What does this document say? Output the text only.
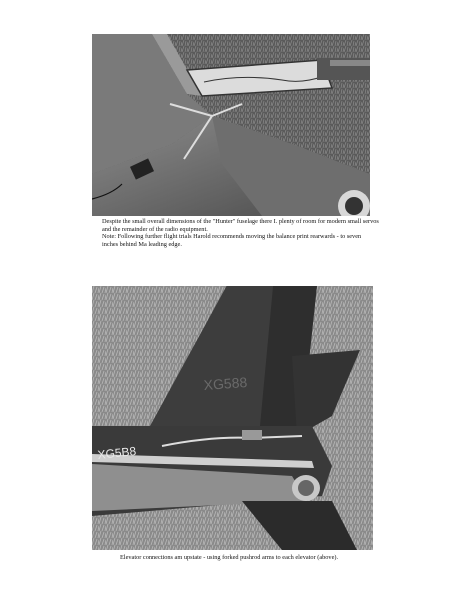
Despite the small overall dimensions of the "Hunter" fuselage there I. plenty of room for modern small servos
and the remainder of the radio equipment.
Note: Following further flight trials Harold recommends moving the balance print rearwards - to seven
inches behind Ma leading edge.
XG588
XG5B8
Elevator connections am upstate - using forked pushrod arms to each elevator (above).
